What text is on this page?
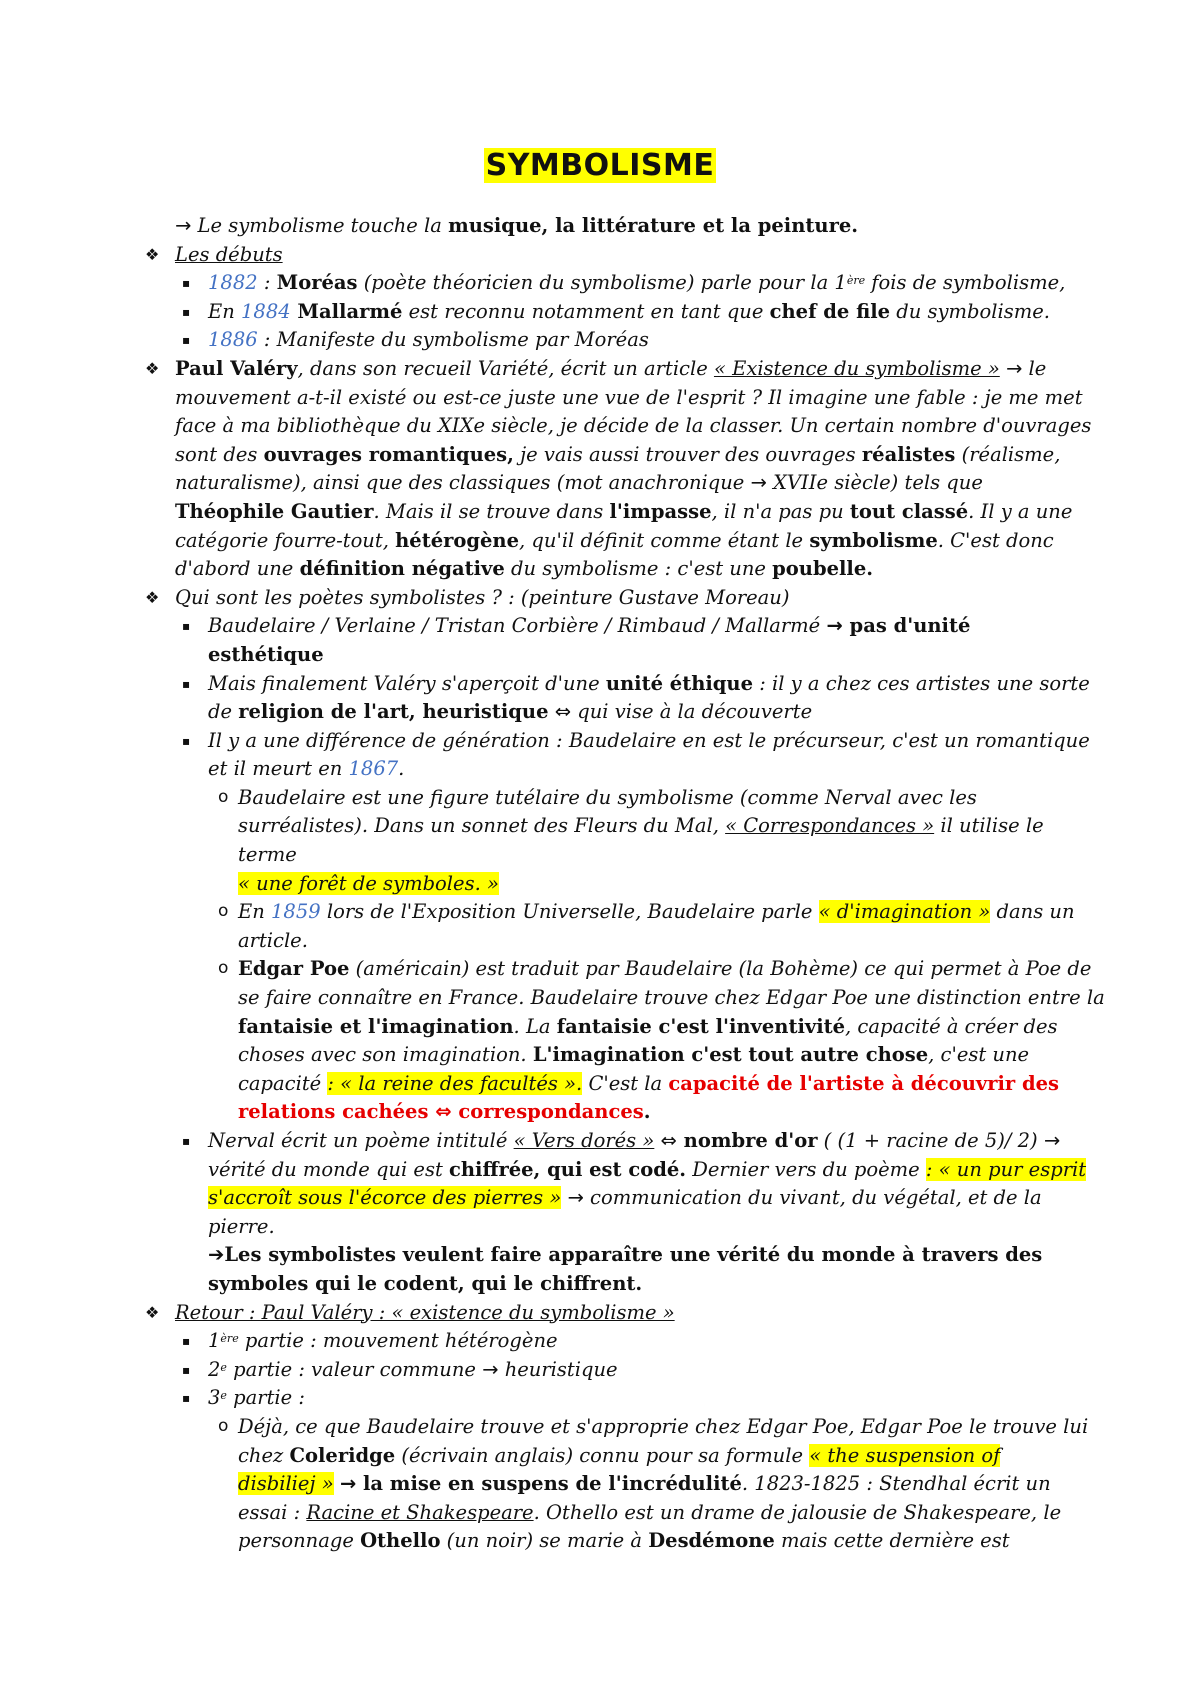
SYMBOLISME
→ Le symbolisme touche la musique, la littérature et la peinture.
❖ Les débuts
▪ 1882 : Moréas (poète théoricien du symbolisme) parle pour la 1ère fois de symbolisme,
▪ En 1884 Mallarmé est reconnu notamment en tant que chef de file du symbolisme.
▪ 1886 : Manifeste du symbolisme par Moréas
❖ Paul Valéry, dans son recueil Variété, écrit un article « Existence du symbolisme » → le
mouvement a-t-il existé ou est-ce juste une vue de l'esprit ? Il imagine une fable : je me met
face à ma bibliothèque du XIXe siècle, je décide de la classer. Un certain nombre d'ouvrages
sont des ouvrages romantiques, je vais aussi trouver des ouvrages réalistes (réalisme,
naturalisme), ainsi que des classiques (mot anachronique → XVIIe siècle) tels que
Théophile Gautier. Mais il se trouve dans l'impasse, il n'a pas pu tout classé. Il y a une
catégorie fourre-tout, hétérogène, qu'il définit comme étant le symbolisme. C'est donc
d'abord une définition négative du symbolisme : c'est une poubelle.
❖ Qui sont les poètes symbolistes ? : (peinture Gustave Moreau)
▪ Baudelaire / Verlaine / Tristan Corbière / Rimbaud / Mallarmé → pas d'unité
esthétique
▪ Mais finalement Valéry s'aperçoit d'une unité éthique : il y a chez ces artistes une sorte
de religion de l'art, heuristique ⇔ qui vise à la découverte
▪ Il y a une différence de génération : Baudelaire en est le précurseur, c'est un romantique
et il meurt en 1867.
o Baudelaire est une figure tutélaire du symbolisme (comme Nerval avec les
surréalistes). Dans un sonnet des Fleurs du Mal, « Correspondances » il utilise le terme
« une forêt de symboles. »
o En 1859 lors de l'Exposition Universelle, Baudelaire parle « d'imagination » dans un
article.
o Edgar Poe (américain) est traduit par Baudelaire (la Bohème) ce qui permet à Poe de
se faire connaître en France. Baudelaire trouve chez Edgar Poe une distinction entre la
fantaisie et l'imagination. La fantaisie c'est l'inventivité, capacité à créer des
choses avec son imagination. L'imagination c'est tout autre chose, c'est une
capacité : « la reine des facultés ». C'est la capacité de l'artiste à découvrir des
relations cachées ⇔ correspondances.
▪ Nerval écrit un poème intitulé « Vers dorés » ⇔ nombre d'or ( (1 + racine de 5)/ 2) →
vérité du monde qui est chiffrée, qui est codé. Dernier vers du poème : « un pur esprit
s'accroît sous l'écorce des pierres » → communication du vivant, du végétal, et de la
pierre.
➔Les symbolistes veulent faire apparaître une vérité du monde à travers des
symboles qui le codent, qui le chiffrent.
❖ Retour : Paul Valéry : « existence du symbolisme »
▪ 1ère partie : mouvement hétérogène
▪ 2e partie : valeur commune → heuristique
▪ 3e partie :
o Déjà, ce que Baudelaire trouve et s'approprie chez Edgar Poe, Edgar Poe le trouve lui
chez Coleridge (écrivain anglais) connu pour sa formule « the suspension of
disbiliej » → la mise en suspens de l'incrédulité. 1823-1825 : Stendhal écrit un
essai : Racine et Shakespeare. Othello est un drame de jalousie de Shakespeare, le
personnage Othello (un noir) se marie à Desdémone mais cette dernière est
